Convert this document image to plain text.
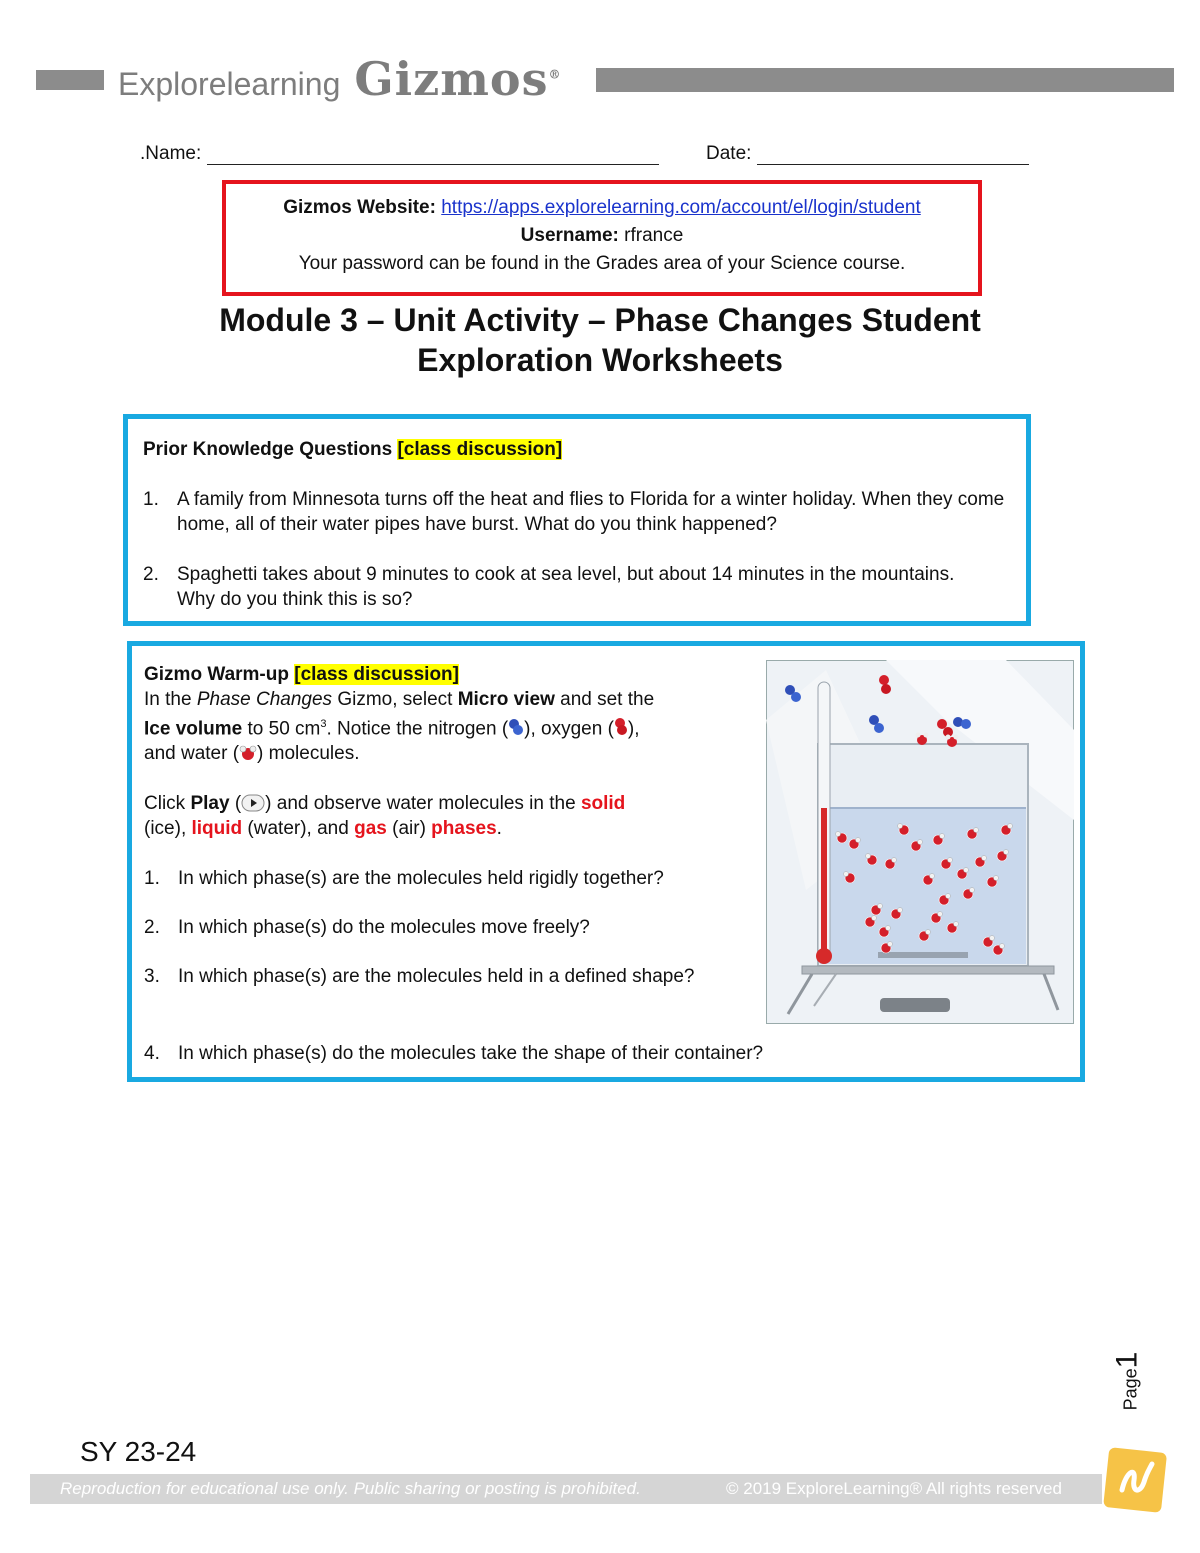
Explorelearning Gizmos®
.Name:	Date:
Gizmos Website: https://apps.explorelearning.com/account/el/login/student
Username: rfrance
Your password can be found in the Grades area of your Science course.
Module 3 – Unit Activity – Phase Changes Student
Exploration Worksheets
Prior Knowledge Questions [class discussion]
1. A family from Minnesota turns off the heat and flies to Florida for a winter holiday. When they come home, all of their water pipes have burst. What do you think happened?
2. Spaghetti takes about 9 minutes to cook at sea level, but about 14 minutes in the mountains. Why do you think this is so?
Gizmo Warm-up [class discussion]
In the Phase Changes Gizmo, select Micro view and set the
Ice volume to 50 $cm^3$. Notice the nitrogen ( ), oxygen ( ),
and water ( ) molecules.
Click Play ( ) and observe water molecules in the solid
(ice), liquid (water), and gas (air) phases.
1. In which phase(s) are the molecules held rigidly together?
2. In which phase(s) do the molecules move freely?
3. In which phase(s) are the molecules held in a defined shape?
4. In which phase(s) do the molecules take the shape of their container?
Page1
SY 23-24
Reproduction for educational use only. Public sharing or posting is prohibited.	© 2019 ExploreLearning® All rights reserved
